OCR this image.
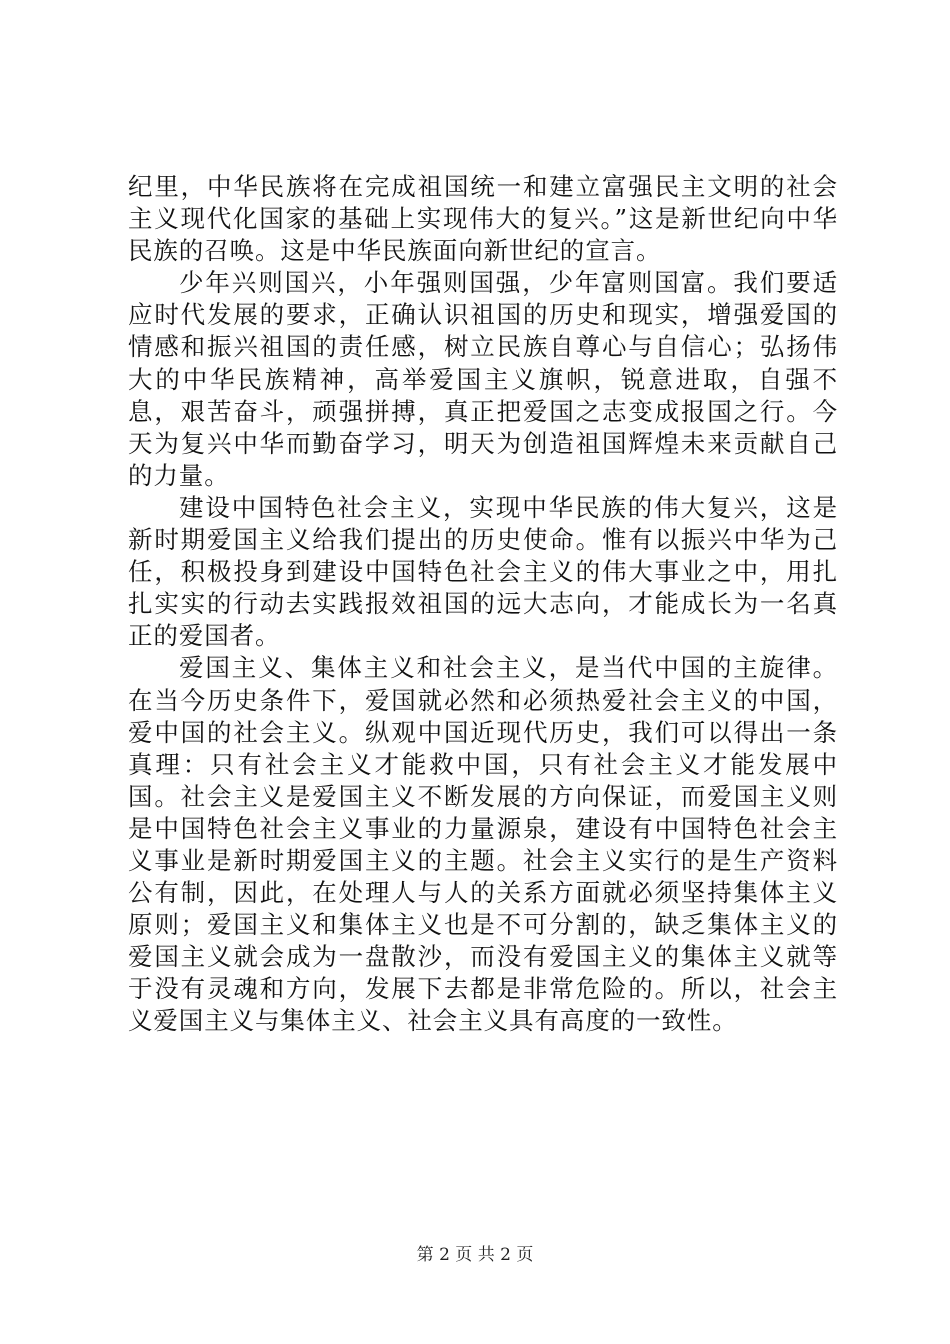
纪里，中华民族将在完成祖国统一和建立富强民主文明的社会主义现代化国家的基础上实现伟大的复兴。”这是新世纪向中华民族的召唤。这是中华民族面向新世纪的宣言。

少年兴则国兴，小年强则国强，少年富则国富。我们要适应时代发展的要求，正确认识祖国的历史和现实，增强爱国的情感和振兴祖国的责任感，树立民族自尊心与自信心；弘扬伟大的中华民族精神，高举爱国主义旗帜，锐意进取，自强不息，艰苦奋斗，顽强拼搏，真正把爱国之志变成报国之行。今天为复兴中华而勤奋学习，明天为创造祖国辉煌未来贡献自己的力量。

建设中国特色社会主义，实现中华民族的伟大复兴，这是新时期爱国主义给我们提出的历史使命。惟有以振兴中华为己任，积极投身到建设中国特色社会主义的伟大事业之中，用扎扎实实的行动去实践报效祖国的远大志向，才能成长为一名真正的爱国者。

爱国主义、集体主义和社会主义，是当代中国的主旋律。在当今历史条件下，爱国就必然和必须热爱社会主义的中国，爱中国的社会主义。纵观中国近现代历史，我们可以得出一条真理：只有社会主义才能救中国，只有社会主义才能发展中国。社会主义是爱国主义不断发展的方向保证，而爱国主义则是中国特色社会主义事业的力量源泉，建设有中国特色社会主义事业是新时期爱国主义的主题。社会主义实行的是生产资料公有制，因此，在处理人与人的关系方面就必须坚持集体主义原则；爱国主义和集体主义也是不可分割的，缺乏集体主义的爱国主义就会成为一盘散沙，而没有爱国主义的集体主义就等于没有灵魂和方向，发展下去都是非常危险的。所以，社会主义爱国主义与集体主义、社会主义具有高度的一致性。

第 2 页 共 2 页
